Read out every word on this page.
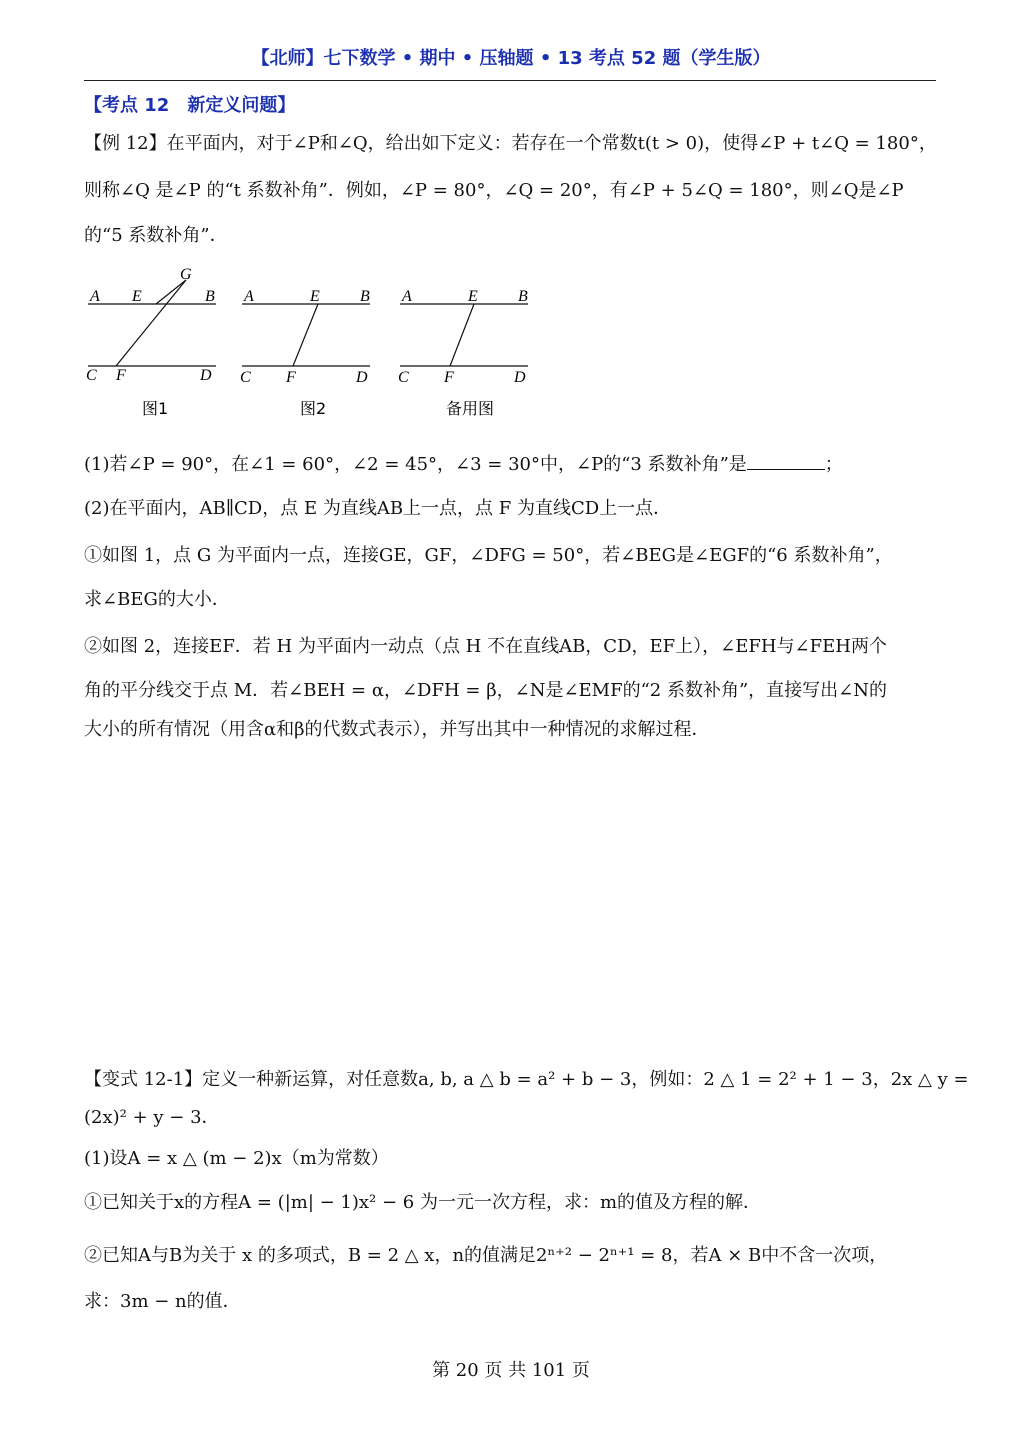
【北师】七下数学 • 期中 • 压轴题 • 13 考点 52 题（学生版）
【考点 12　新定义问题】
【例 12】在平面内，对于∠P和∠Q，给出如下定义：若存在一个常数t(t > 0)，使得∠P + t∠Q = 180°，
则称∠Q 是∠P 的“t 系数补角”．例如，∠P = 80°，∠Q = 20°，有∠P + 5∠Q = 180°，则∠Q是∠P
的“5 系数补角”．
A E	B
G
C F	D
图1
A	E	B
C F	D
图2
A	E	B
C F	D
备用图
(1)若∠P = 90°，在∠1 = 60°，∠2 = 45°，∠3 = 30°中，∠P的“3 系数补角”是	；
(2)在平面内，AB∥CD，点 E 为直线AB上一点，点 F 为直线CD上一点．
①如图 1，点 G 为平面内一点，连接GE，GF，∠DFG = 50°，若∠BEG是∠EGF的“6 系数补角”，
求∠BEG的大小．
②如图 2，连接EF．若 H 为平面内一动点（点 H 不在直线AB，CD，EF上），∠EFH与∠FEH两个
角的平分线交于点 M．若∠BEH = α，∠DFH = β，∠N是∠EMF的“2 系数补角”，直接写出∠N的
大小的所有情况（用含α和β的代数式表示），并写出其中一种情况的求解过程．
【变式 12-1】定义一种新运算，对任意数a, b, a △ b = a² + b − 3，例如：2 △ 1 = 2² + 1 − 3，2x △ y =
(2x)² + y − 3．
(1)设A = x △ (m − 2)x（m为常数）
①已知关于x的方程A = (|m| − 1)x² − 6 为一元一次方程，求：m的值及方程的解．
②已知A与B为关于 x 的多项式，B = 2 △ x，n的值满足2ⁿ⁺² − 2ⁿ⁺¹ = 8，若A × B中不含一次项，
求：3m − n的值．
第 20 页 共 101 页
